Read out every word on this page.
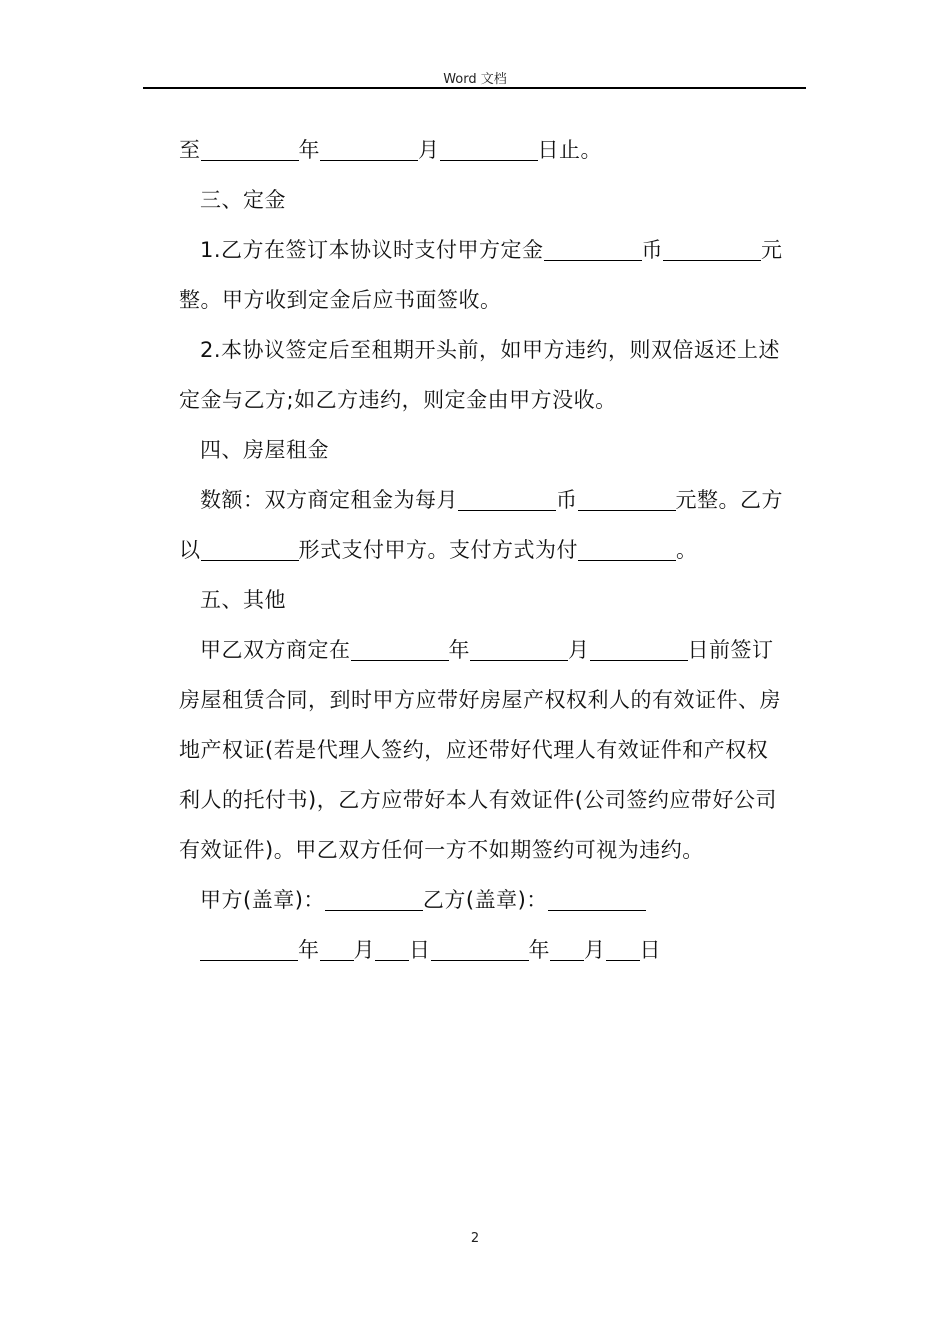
Word 文档
至	年	月	日止。
三、定金
1.乙方在签订本协议时支付甲方定金	币	元
整。甲方收到定金后应书面签收。
2.本协议签定后至租期开头前，如甲方违约，则双倍返还上述
定金与乙方;如乙方违约，则定金由甲方没收。
四、房屋租金
数额：双方商定租金为每月	币	元整。乙方
以	形式支付甲方。支付方式为付	。
五、其他
甲乙双方商定在	年	月	日前签订
房屋租赁合同，到时甲方应带好房屋产权权利人的有效证件、房
地产权证(若是代理人签约，应还带好代理人有效证件和产权权
利人的托付书)，乙方应带好本人有效证件(公司签约应带好公司
有效证件)。甲乙双方任何一方不如期签约可视为违约。
甲方(盖章)：	乙方(盖章)：
年 月 日	年 月 日
2
